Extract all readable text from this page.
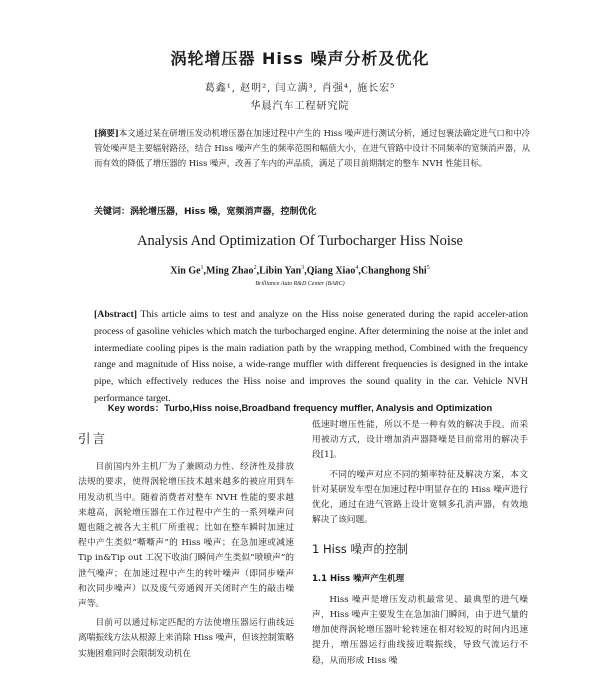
涡轮增压器 Hiss 噪声分析及优化
葛鑫¹, 赵明², 闫立满³, 肖强⁴, 施长宏⁵
华晨汽车工程研究院
[摘要]本文通过某在研增压发动机增压器在加速过程中产生的 Hiss 噪声进行测试分析，通过包裹法确定进气口和中冷管处噪声是主要辐射路径，结合 Hiss 噪声产生的频率范围和幅值大小，在进气管路中设计不同频率的宽频消声器，从而有效的降低了增压器的 Hiss 噪声，改善了车内的声品质，满足了项目前期制定的整车 NVH 性能目标。
关键词：涡轮增压器，Hiss 噪，宽频消声器，控制优化
Analysis And Optimization Of Turbocharger Hiss Noise
Xin Ge$^1$,Ming Zhao$^2$,Libin Yan$^3$,Qiang Xiao$^4$,Changhong Shi$^5$
Brilliance Auto R&D Center (BARC)
[Abstract] This article aims to test and analyze on the Hiss noise generated during the rapid acceler-ation process of gasoline vehicles which match the turbocharged engine. After determining the noise at the inlet and intermediate cooling pipes is the main radiation path by the wrapping method, Combined with the frequency range and magnitude of Hiss noise, a wide-range muffler with different frequencies is designed in the intake pipe, which effectively reduces the Hiss noise and improves the sound quality in the car. Vehicle NVH performance target.
Key words：Turbo,Hiss noise,Broadband frequency muffler, Analysis and Optimization
引言

目前国内外主机厂为了兼顾动力性、经济性及排放法规的要求，使得涡轮增压技术越来越多的被应用到车用发动机当中。随着消费者对整车 NVH 性能的要求越来越高，涡轮增压器在工作过程中产生的一系列噪声问题也随之被各大主机厂所重视；比如在整车瞬时加速过程中产生类似“嘶嘶声”的 Hiss 噪声；在急加速或减速 Tip in&Tip out 工况下收油门瞬间产生类似“喷喷声”的泄气噪声；在加速过程中产生的转叶噪声（即同步噪声和次同步噪声）以及废气旁通阀开关闭时产生的敲击噪声等。

目前可以通过标定匹配的方法使增压器运行曲线远离喘振线方法从根源上来消除 Hiss 噪声，但该控制策略实施困难同时会限制发动机在

低速时增压性能，所以不是一种有效的解决手段。而采用被动方式，设计增加消声器降噪是目前常用的解决手段[1]。

不同的噪声对应不同的频率特征及解决方案，本文针对某研发车型在加速过程中明显存在的 Hiss 噪声进行优化，通过在进气管路上设计宽频多孔消声器，有效地解决了该问题。

1 Hiss 噪声的控制
1.1 Hiss 噪声产生机理

Hiss 噪声是增压发动机最常见、最典型的进气噪声，Hiss 噪声主要发生在急加油门瞬间，由于进气量的增加使得涡轮增压器叶轮转速在相对较短的时间内迅速提升，增压器运行曲线接近喘振线，导致气流运行不稳，从而形成 Hiss 噪
